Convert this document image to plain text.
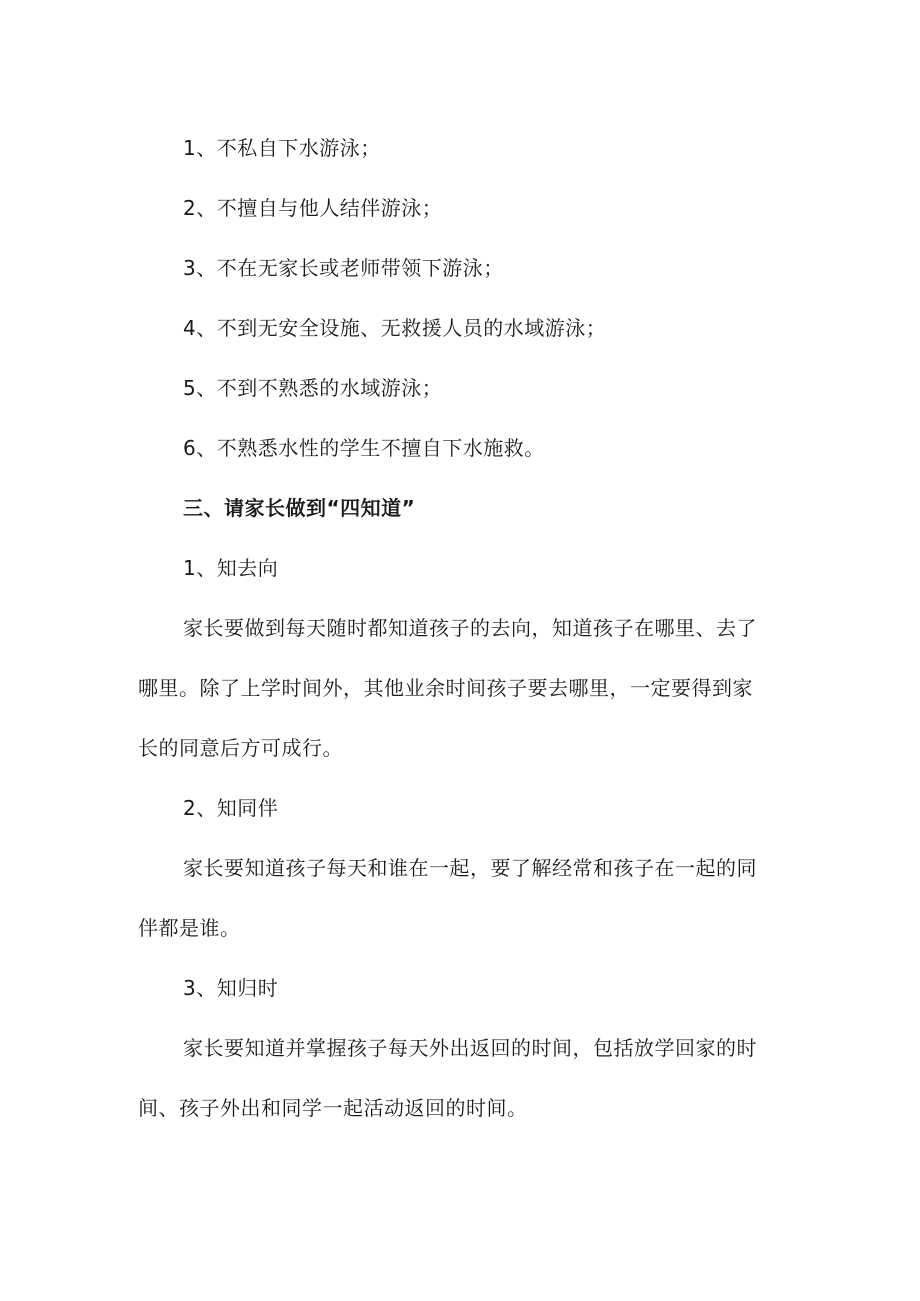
1、不私自下水游泳；
2、不擅自与他人结伴游泳；
3、不在无家长或老师带领下游泳；
4、不到无安全设施、无救援人员的水域游泳；
5、不到不熟悉的水域游泳；
6、不熟悉水性的学生不擅自下水施救。
三、请家长做到“四知道”
1、知去向
家长要做到每天随时都知道孩子的去向，知道孩子在哪里、去了
哪里。除了上学时间外，其他业余时间孩子要去哪里，一定要得到家
长的同意后方可成行。
2、知同伴
家长要知道孩子每天和谁在一起，要了解经常和孩子在一起的同
伴都是谁。
3、知归时
家长要知道并掌握孩子每天外出返回的时间，包括放学回家的时
间、孩子外出和同学一起活动返回的时间。
